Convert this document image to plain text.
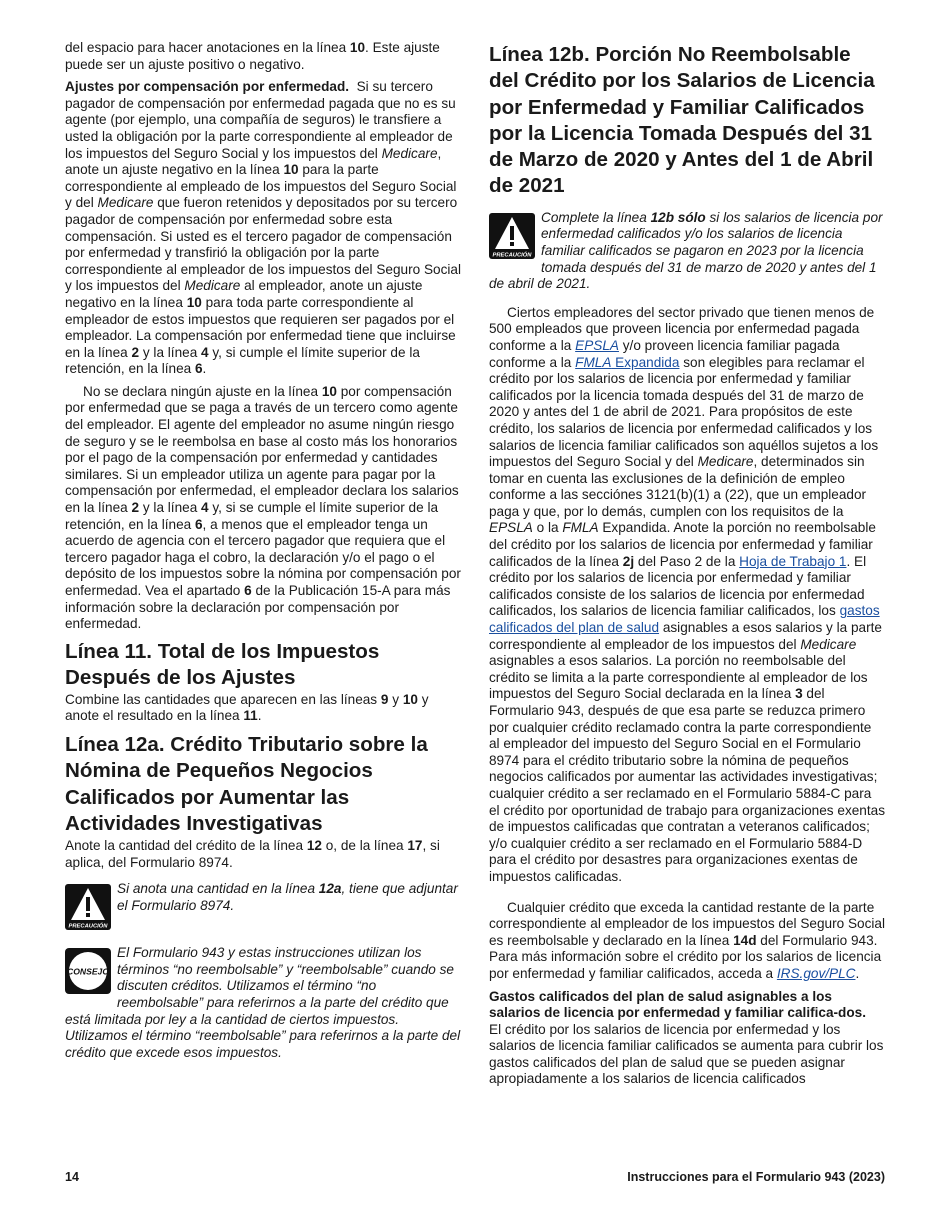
del espacio para hacer anotaciones en la línea 10. Este ajuste puede ser un ajuste positivo o negativo.

Ajustes por compensación por enfermedad. Si su tercero pagador de compensación por enfermedad pagada que no es su agente (por ejemplo, una compañía de seguros) le transfiere a usted la obligación por la parte correspondiente al empleador de los impuestos del Seguro Social y los impuestos del Medicare, anote un ajuste negativo en la línea 10 para la parte correspondiente al empleado de los impuestos del Seguro Social y del Medicare que fueron retenidos y depositados por su tercero pagador de compensación por enfermedad sobre esta compensación. Si usted es el tercero pagador de compensación por enfermedad y transfirió la obligación por la parte correspondiente al empleador de los impuestos del Seguro Social y los impuestos del Medicare al empleador, anote un ajuste negativo en la línea 10 para toda parte correspondiente al empleador de estos impuestos que requieren ser pagados por el empleador. La compensación por enfermedad tiene que incluirse en la línea 2 y la línea 4 y, si cumple el límite superior de la retención, en la línea 6.

No se declara ningún ajuste en la línea 10 por compensación por enfermedad que se paga a través de un tercero como agente del empleador. El agente del empleador no asume ningún riesgo de seguro y se le reembolsa en base al costo más los honorarios por el pago de la compensación por enfermedad y cantidades similares. Si un empleador utiliza un agente para pagar por la compensación por enfermedad, el empleador declara los salarios en la línea 2 y la línea 4 y, si se cumple el límite superior de la retención, en la línea 6, a menos que el empleador tenga un acuerdo de agencia con el tercero pagador que requiera que el tercero pagador haga el cobro, la declaración y/o el pago o el depósito de los impuestos sobre la nómina por compensación por enfermedad. Vea el apartado 6 de la Publicación 15-A para más información sobre la declaración por compensación por enfermedad.

Línea 11. Total de los Impuestos Después de los Ajustes

Combine las cantidades que aparecen en las líneas 9 y 10 y anote el resultado en la línea 11.

Línea 12a. Crédito Tributario sobre la Nómina de Pequeños Negocios Calificados por Aumentar las Actividades Investigativas

Anote la cantidad del crédito de la línea 12 o, de la línea 17, si aplica, del Formulario 8974.

PRECAUCIÓN
Si anota una cantidad en la línea 12a, tiene que adjuntar el Formulario 8974.
CONSEJO
El Formulario 943 y estas instrucciones utilizan los términos “no reembolsable” y “reembolsable” cuando se discuten créditos. Utilizamos el término “no reembolsable” para referirnos a la parte del crédito que está limitada por ley a la cantidad de ciertos impuestos. Utilizamos el término “reembolsable” para referirnos a la parte del crédito que excede esos impuestos.
Línea 12b. Porción No Reembolsable del Crédito por los Salarios de Licencia por Enfermedad y Familiar Calificados por la Licencia Tomada Después del 31 de Marzo de 2020 y Antes del 1 de Abril de 2021
PRECAUCIÓN
Complete la línea 12b sólo si los salarios de licencia por enfermedad calificados y/o los salarios de licencia familiar calificados se pagaron en 2023 por la licencia tomada después del 31 de marzo de 2020 y antes del 1 de abril de 2021.

Ciertos empleadores del sector privado que tienen menos de 500 empleados que proveen licencia por enfermedad pagada conforme a la EPSLA y/o proveen licencia familiar pagada conforme a la FMLA Expandida son elegibles para reclamar el crédito por los salarios de licencia por enfermedad y familiar calificados por la licencia tomada después del 31 de marzo de 2020 y antes del 1 de abril de 2021. Para propósitos de este crédito, los salarios de licencia por enfermedad calificados y los salarios de licencia familiar calificados son aquéllos sujetos a los impuestos del Seguro Social y del Medicare, determinados sin tomar en cuenta las exclusiones de la definición de empleo conforme a las secciónes 3121(b)(1) a (22), que un empleador paga y que, por lo demás, cumplen con los requisitos de la EPSLA o la FMLA Expandida. Anote la porción no reembolsable del crédito por los salarios de licencia por enfermedad y familiar calificados de la línea 2j del Paso 2 de la Hoja de Trabajo 1. El crédito por los salarios de licencia por enfermedad y familiar calificados consiste de los salarios de licencia por enfermedad calificados, los salarios de licencia familiar calificados, los gastos calificados del plan de salud asignables a esos salarios y la parte correspondiente al empleador de los impuestos del Medicare asignables a esos salarios. La porción no reembolsable del crédito se limita a la parte correspondiente al empleador de los impuestos del Seguro Social declarada en la línea 3 del Formulario 943, después de que esa parte se reduzca primero por cualquier crédito reclamado contra la parte correspondiente al empleador del impuesto del Seguro Social en el Formulario 8974 para el crédito tributario sobre la nómina de pequeños negocios calificados por aumentar las actividades investigativas; cualquier crédito a ser reclamado en el Formulario 5884-C para el crédito por oportunidad de trabajo para organizaciones exentas de impuestos calificadas que contratan a veteranos calificados; y/o cualquier crédito a ser reclamado en el Formulario 5884-D para el crédito por desastres para organizaciones exentas de impuestos calificadas.

Cualquier crédito que exceda la cantidad restante de la parte correspondiente al empleador de los impuestos del Seguro Social es reembolsable y declarado en la línea 14d del Formulario 943. Para más información sobre el crédito por los salarios de licencia por enfermedad y familiar calificados, acceda a IRS.gov/PLC.

Gastos calificados del plan de salud asignables a los salarios de licencia por enfermedad y familiar califica-dos.  El crédito por los salarios de licencia por enfermedad y los salarios de licencia familiar calificados se aumenta para cubrir los gastos calificados del plan de salud que se pueden asignar apropiadamente a los salarios de licencia calificados

14	Instrucciones para el Formulario 943 (2023)
